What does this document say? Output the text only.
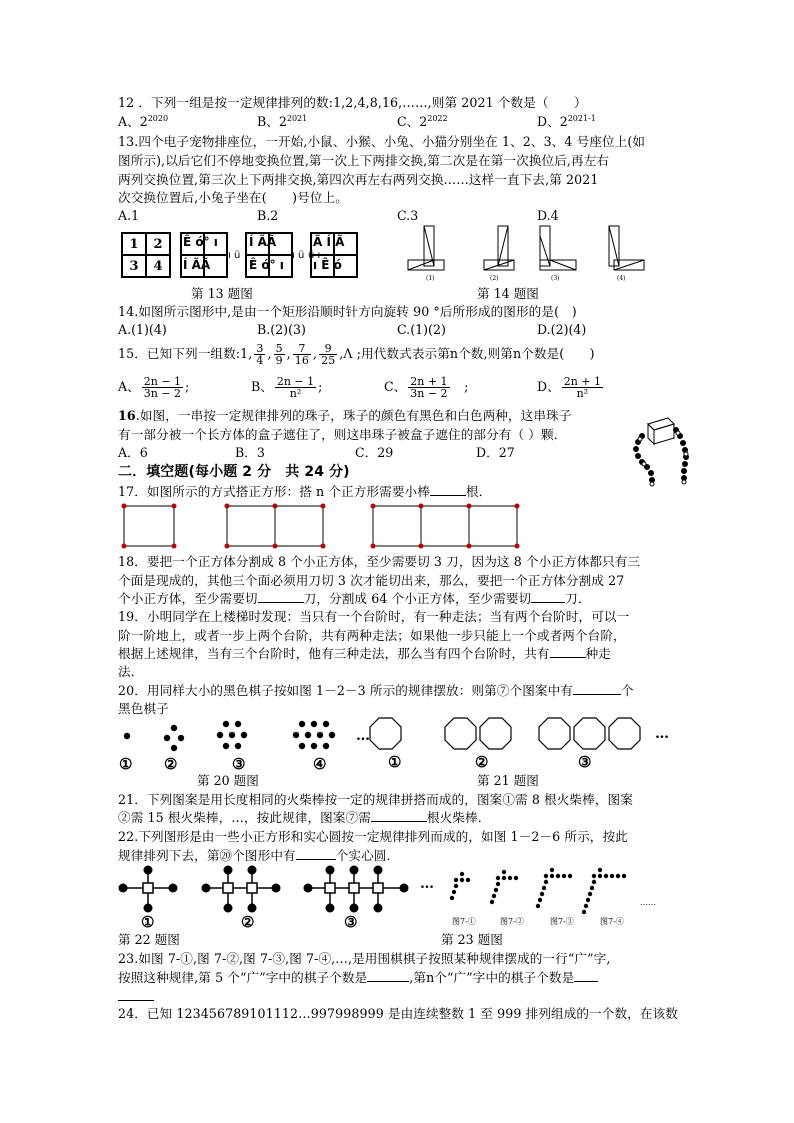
12 ．下列一组是按一定规律排列的数:1,2,4,8,16,……,则第 2021 个数是（　　）
A、$2^{2020}$	B、$2^{2021}$	C、$2^{2022}$	D、$2^{2021-1}$
13.四个电子宠物排座位，一开始,小鼠、小猴、小兔、小猫分别坐在 1、2、3、4 号座位上(如
图所示),以后它们不停地变换位置,第一次上下两排交换,第二次是在第一次换位后,再左右
两列交换位置,第三次上下两排交换,第四次再左右两列交换……这样一直下去,第 2021
次交换位置后,小兔子坐在(　　)号位上。
A.1	B.2	C.3	D.4
1	2
3	4
Ê ó° ı
Í ÃÃ
ı ü
Í ÃÃ
Ê ó° ı
ı ü
Ã Í Ã
ı Ê ó
ü ı ·
(1)	(2)	(3)	(4)
第 13 题图	第 14 题图
14.如图所示图形中,是由一个矩形沿顺时针方向旋转 90 °后所形成的图形的是(　)
A.(1)(4)	B.(2)(3)	C.(1)(2)	D.(2)(4)
15．已知下列一组数:1, $\frac{3}{4}$ , $\frac{5}{9}$ , $\frac{7}{16}$ , $\frac{9}{25} ,\Lambda$ ;用代数式表示第n个数,则第n个数是(　　)
A、 $\frac{2n - 1}{3n - 2}$ ;	B、 $\frac{2n - 1}{\text{n²}}$ ;	C、 $\frac{2n + 1}{3n - 2}$ 　;	D、 $\frac{2n + 1}{\text{n²}}$
16.如图，一串按一定规律排列的珠子，珠子的颜色有黑色和白色两种，这串珠子
有一部分被一个长方体的盒子遮住了，则这串珠子被盒子遮住的部分有（ ）颗．
A．6	B．3	C．29	D．27
二．填空题(每小题 2 分　共 24 分)
17．如图所示的方式搭正方形：搭 n 个正方形需要小棒	根．
18．要把一个正方体分割成 8 个小正方体，至少需要切 3 刀，因为这 8 个小正方体都只有三
个面是现成的，其他三个面必须用刀切 3 次才能切出来，那么，要把一个正方体分割成 27
个小正方体，至少需要切	刀，分割成 64 个小正方体，至少需要切	刀．
19．小明同学在上楼梯时发现：当只有一个台阶时，有一种走法；当有两个台阶时，可以一
阶一阶地上，或者一步上两个台阶，共有两种走法；如果他一步只能上一个或者两个台阶，
根据上述规律，当有三个台阶时，他有三种走法，那么当有四个台阶时，共有	种走
法．
20．用同样大小的黑色棋子按如图 1－2－3 所示的规律摆放：则第⑦个图案中有	个
黑色棋子
① ②	③	④
第 20 题图
…	…
①	②	③
第 21 题图
21．下列图案是用长度相同的火柴棒按一定的规律拼搭而成的，图案①需 8 根火柴棒，图案
②需 15 根火柴棒，…，按此规律，图案⑦需	根火柴棒．
22.下列图形是由一些小正方形和实心圆按一定规律排列而成的，如图 1－2－6 所示，按此
规律排列下去，第⑳个图形中有	个实心圆．
①	②	③
第 22 题图
…
图7-①	图7-②	图7-③	图7-④
……
第 23 题图
23.如图 7-①,图 7-②,图 7-③,图 7-④,…,是用围棋棋子按照某种规律摆成的一行“广”字,
按照这种规律,第 5 个“广”字中的棋子个数是	,第n个“广”字中的棋子个数是
24．已知 123456789101112…997998999 是由连续整数 1 至 999 排列组成的一个数，在该数
